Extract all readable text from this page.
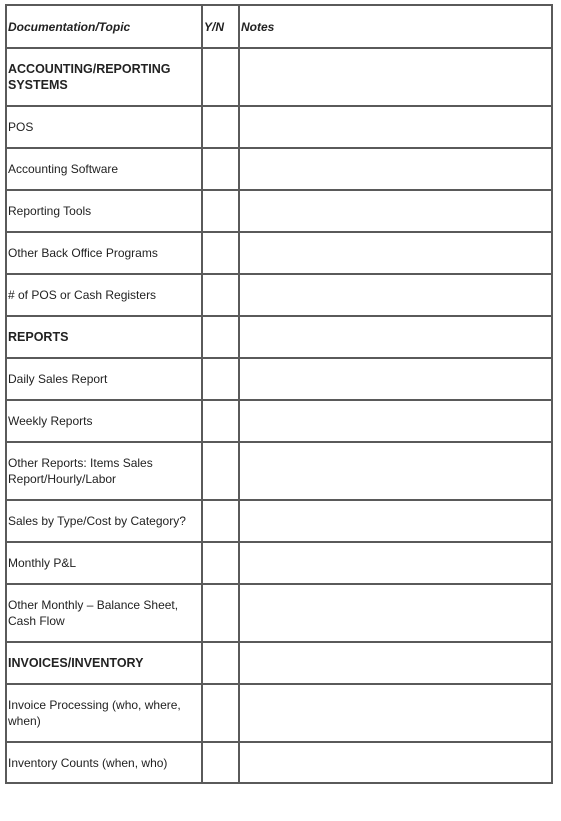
Documentation/Topic	Y/N	Notes
ACCOUNTING/REPORTING SYSTEMS		
POS		
Accounting Software		
Reporting Tools		
Other Back Office Programs		
# of POS or Cash Registers		
REPORTS		
Daily Sales Report		
Weekly Reports		
Other Reports: Items Sales Report/Hourly/Labor		
Sales by Type/Cost by Category?		
Monthly P&L		
Other Monthly – Balance Sheet, Cash Flow		
INVOICES/INVENTORY		
Invoice Processing (who, where, when)		
Inventory Counts (when, who)		
